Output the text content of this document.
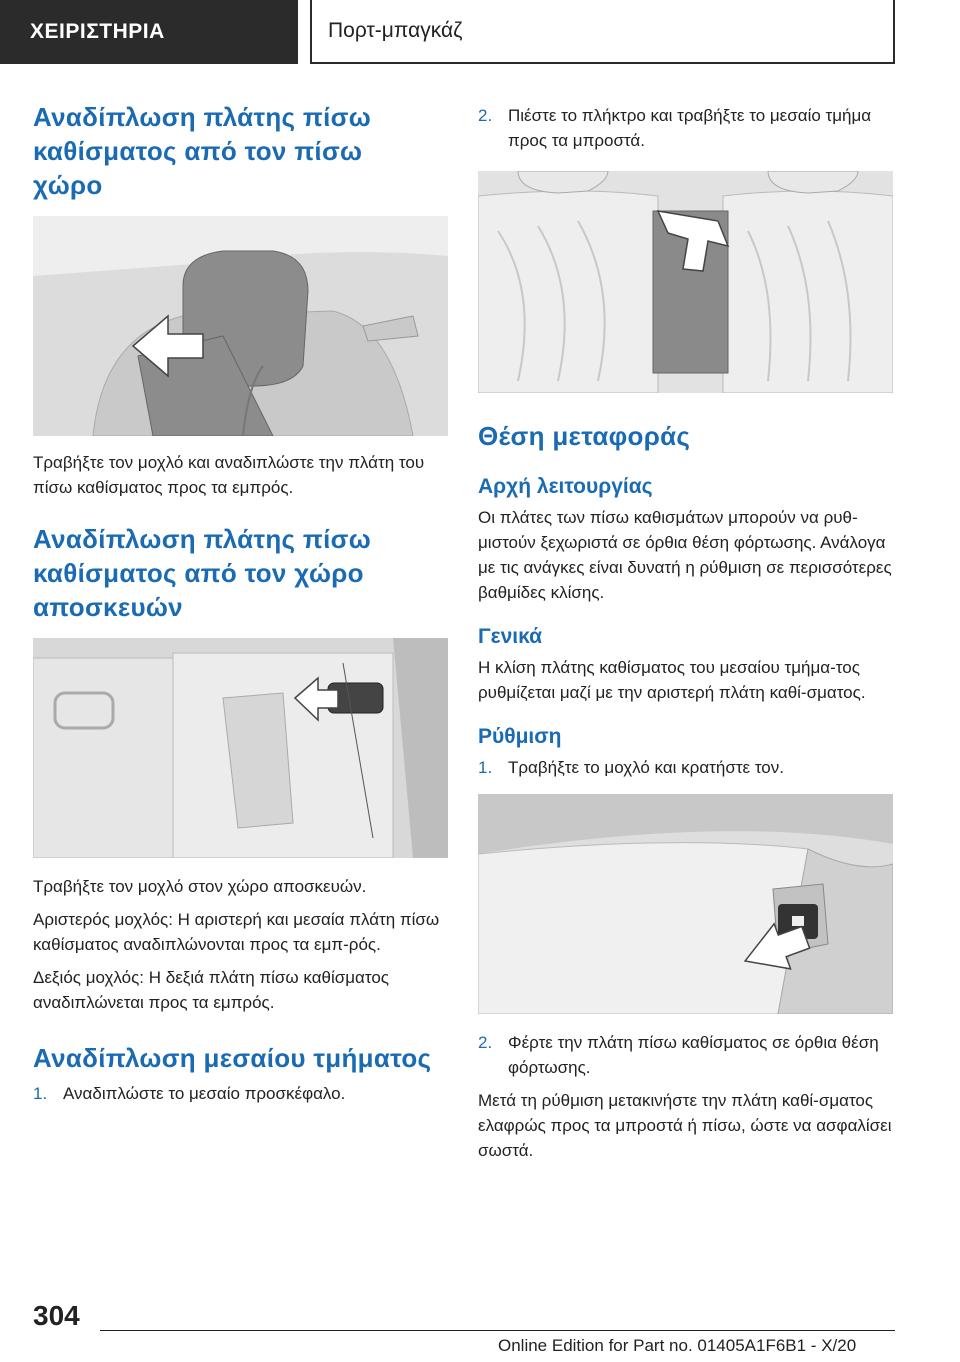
ΧΕΙΡΙΣΤΗΡΙΑ	Πορτ-μπαγκάζ
Αναδίπλωση πλάτης πίσω καθίσματος από τον πίσω χώρο

Τραβήξτε τον μοχλό και αναδιπλώστε την πλάτη του πίσω καθίσματος προς τα εμπρός.

Αναδίπλωση πλάτης πίσω καθίσματος από τον χώρο αποσκευών

Τραβήξτε τον μοχλό στον χώρο αποσκευών.

Αριστερός μοχλός: Η αριστερή και μεσαία πλάτη πίσω καθίσματος αναδιπλώνονται προς τα εμπ-ρός.

Δεξιός μοχλός: Η δεξιά πλάτη πίσω καθίσματος αναδιπλώνεται προς τα εμπρός.

Αναδίπλωση μεσαίου τμήματος
1. Αναδιπλώστε το μεσαίο προσκέφαλο.
2. Πιέστε το πλήκτρο και τραβήξτε το μεσαίο τμήμα προς τα μπροστά.
Θέση μεταφοράς
Αρχή λειτουργίας

Οι πλάτες των πίσω καθισμάτων μπορούν να ρυθ-μιστούν ξεχωριστά σε όρθια θέση φόρτωσης. Ανάλογα με τις ανάγκες είναι δυνατή η ρύθμιση σε περισσότερες βαθμίδες κλίσης.

Γενικά

Η κλίση πλάτης καθίσματος του μεσαίου τμήμα-τος ρυθμίζεται μαζί με την αριστερή πλάτη καθί-σματος.

Ρύθμιση
1. Τραβήξτε το μοχλό και κρατήστε τον.
2. Φέρτε την πλάτη πίσω καθίσματος σε όρθια θέση φόρτωσης.

Μετά τη ρύθμιση μετακινήστε την πλάτη καθί-σματος ελαφρώς προς τα μπροστά ή πίσω, ώστε να ασφαλίσει σωστά.

304
Online Edition for Part no. 01405A1F6B1 - X/20
